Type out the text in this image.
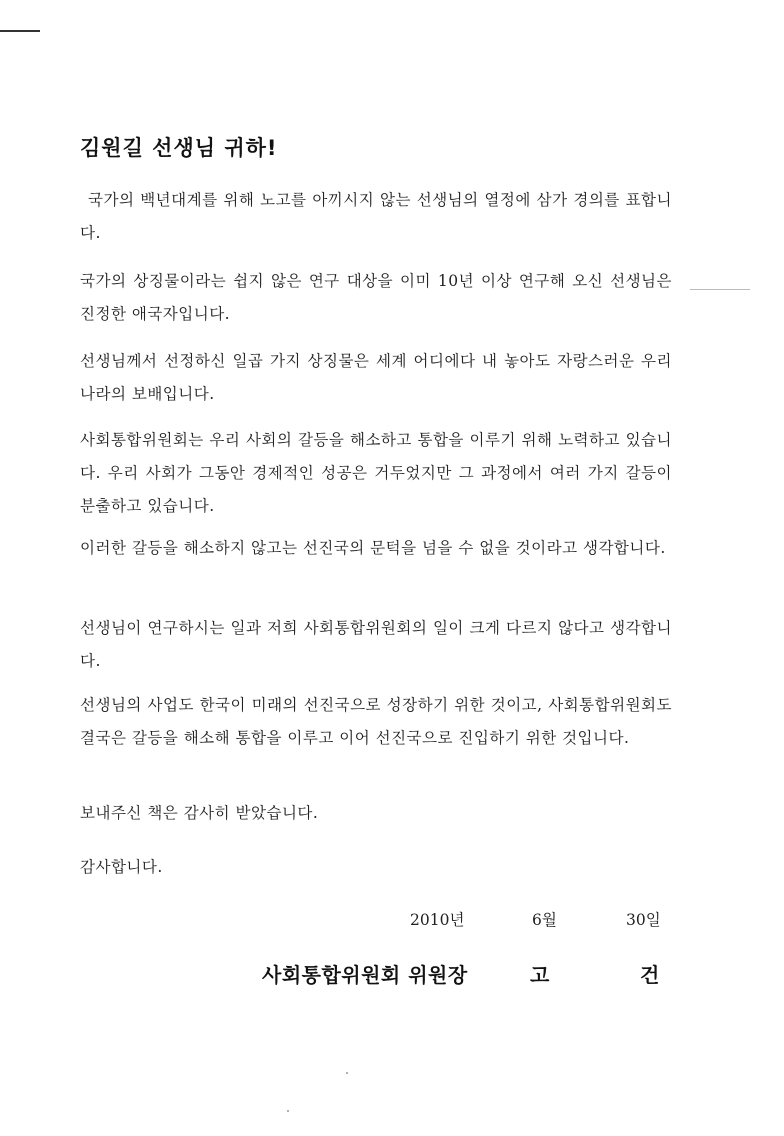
김원길 선생님 귀하!
국가의 백년대계를 위해 노고를 아끼시지 않는 선생님의 열정에 삼가 경의를 표합니다.
국가의 상징물이라는 쉽지 않은 연구 대상을 이미 10년 이상 연구해 오신 선생님은 진정한 애국자입니다.
선생님께서 선정하신 일곱 가지 상징물은 세계 어디에다 내 놓아도 자랑스러운 우리나라의 보배입니다.
사회통합위원회는 우리 사회의 갈등을 해소하고 통합을 이루기 위해 노력하고 있습니다. 우리 사회가 그동안 경제적인 성공은 거두었지만 그 과정에서 여러 가지 갈등이 분출하고 있습니다.
이러한 갈등을 해소하지 않고는 선진국의 문턱을 넘을 수 없을 것이라고 생각합니다.
선생님이 연구하시는 일과 저희 사회통합위원회의 일이 크게 다르지 않다고 생각합니다.
선생님의 사업도 한국이 미래의 선진국으로 성장하기 위한 것이고, 사회통합위원회도 결국은 갈등을 해소해 통합을 이루고 이어 선진국으로 진입하기 위한 것입니다.
보내주신 책은 감사히 받았습니다.
감사합니다.
2010년	6월	30일
사회통합위원회 위원장	고	건
